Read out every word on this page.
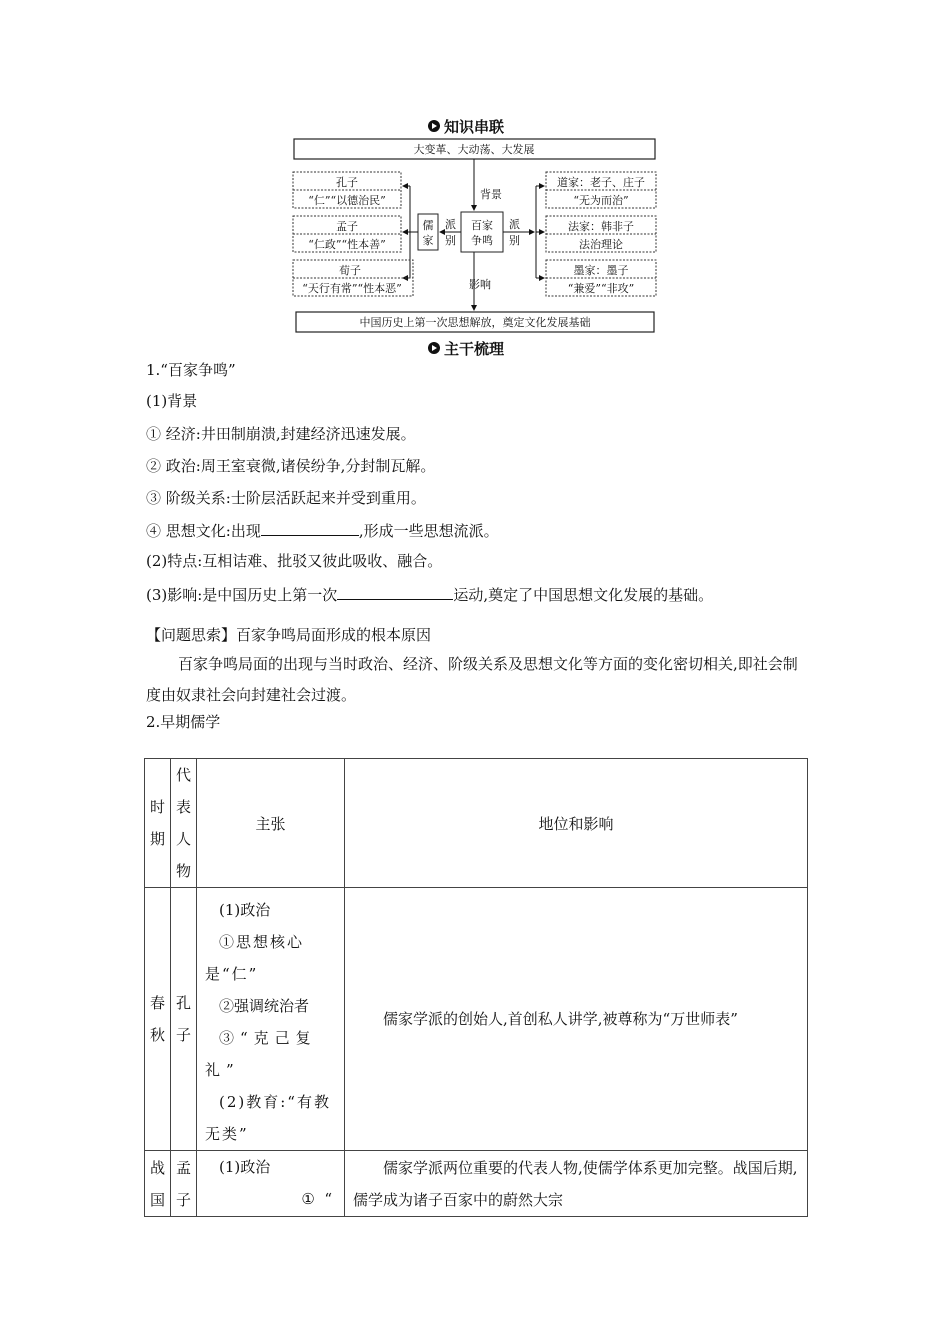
知识串联
大变革、大动荡、大发展
背景
影响
百家
争鸣
派
别
儒
家
孔子
“仁”“以德治民”
孟子
“仁政”“性本善”
荀子
“天行有常”“性本恶”
派
别
道家：老子、庄子
“无为而治”
法家：韩非子
法治理论
墨家：墨子
“兼爱”“非攻”
中国历史上第一次思想解放，奠定文化发展基础
主干梳理
1.“百家争鸣”
(1)背景
① 经济:井田制崩溃,封建经济迅速发展。
② 政治:周王室衰微,诸侯纷争,分封制瓦解。
③ 阶级关系:士阶层活跃起来并受到重用。
④ 思想文化:出现	,形成一些思想流派。
(2)特点:互相诘难、批驳又彼此吸收、融合。
(3)影响:是中国历史上第一次	运动,奠定了中国思想文化发展的基础。
【问题思索】百家争鸣局面形成的根本原因
百家争鸣局面的出现与当时政治、经济、阶级关系及思想文化等方面的变化密切相关,即社会制度由奴隶社会向封建社会过渡。
2.早期儒学
时期	代表人物	主张	地位和影响
春秋	孔子	(1)政治
①思想核心是“仁”
②强调统治者
③“克己复礼”
(2)教育:“有教无类”	儒家学派的创始人,首创私人讲学,被尊称为“万世师表”
战国	孟子	(1)政治
①  “	儒家学派两位重要的代表人物,使儒学体系更加完整。战国后期,儒学成为诸子百家中的蔚然大宗
